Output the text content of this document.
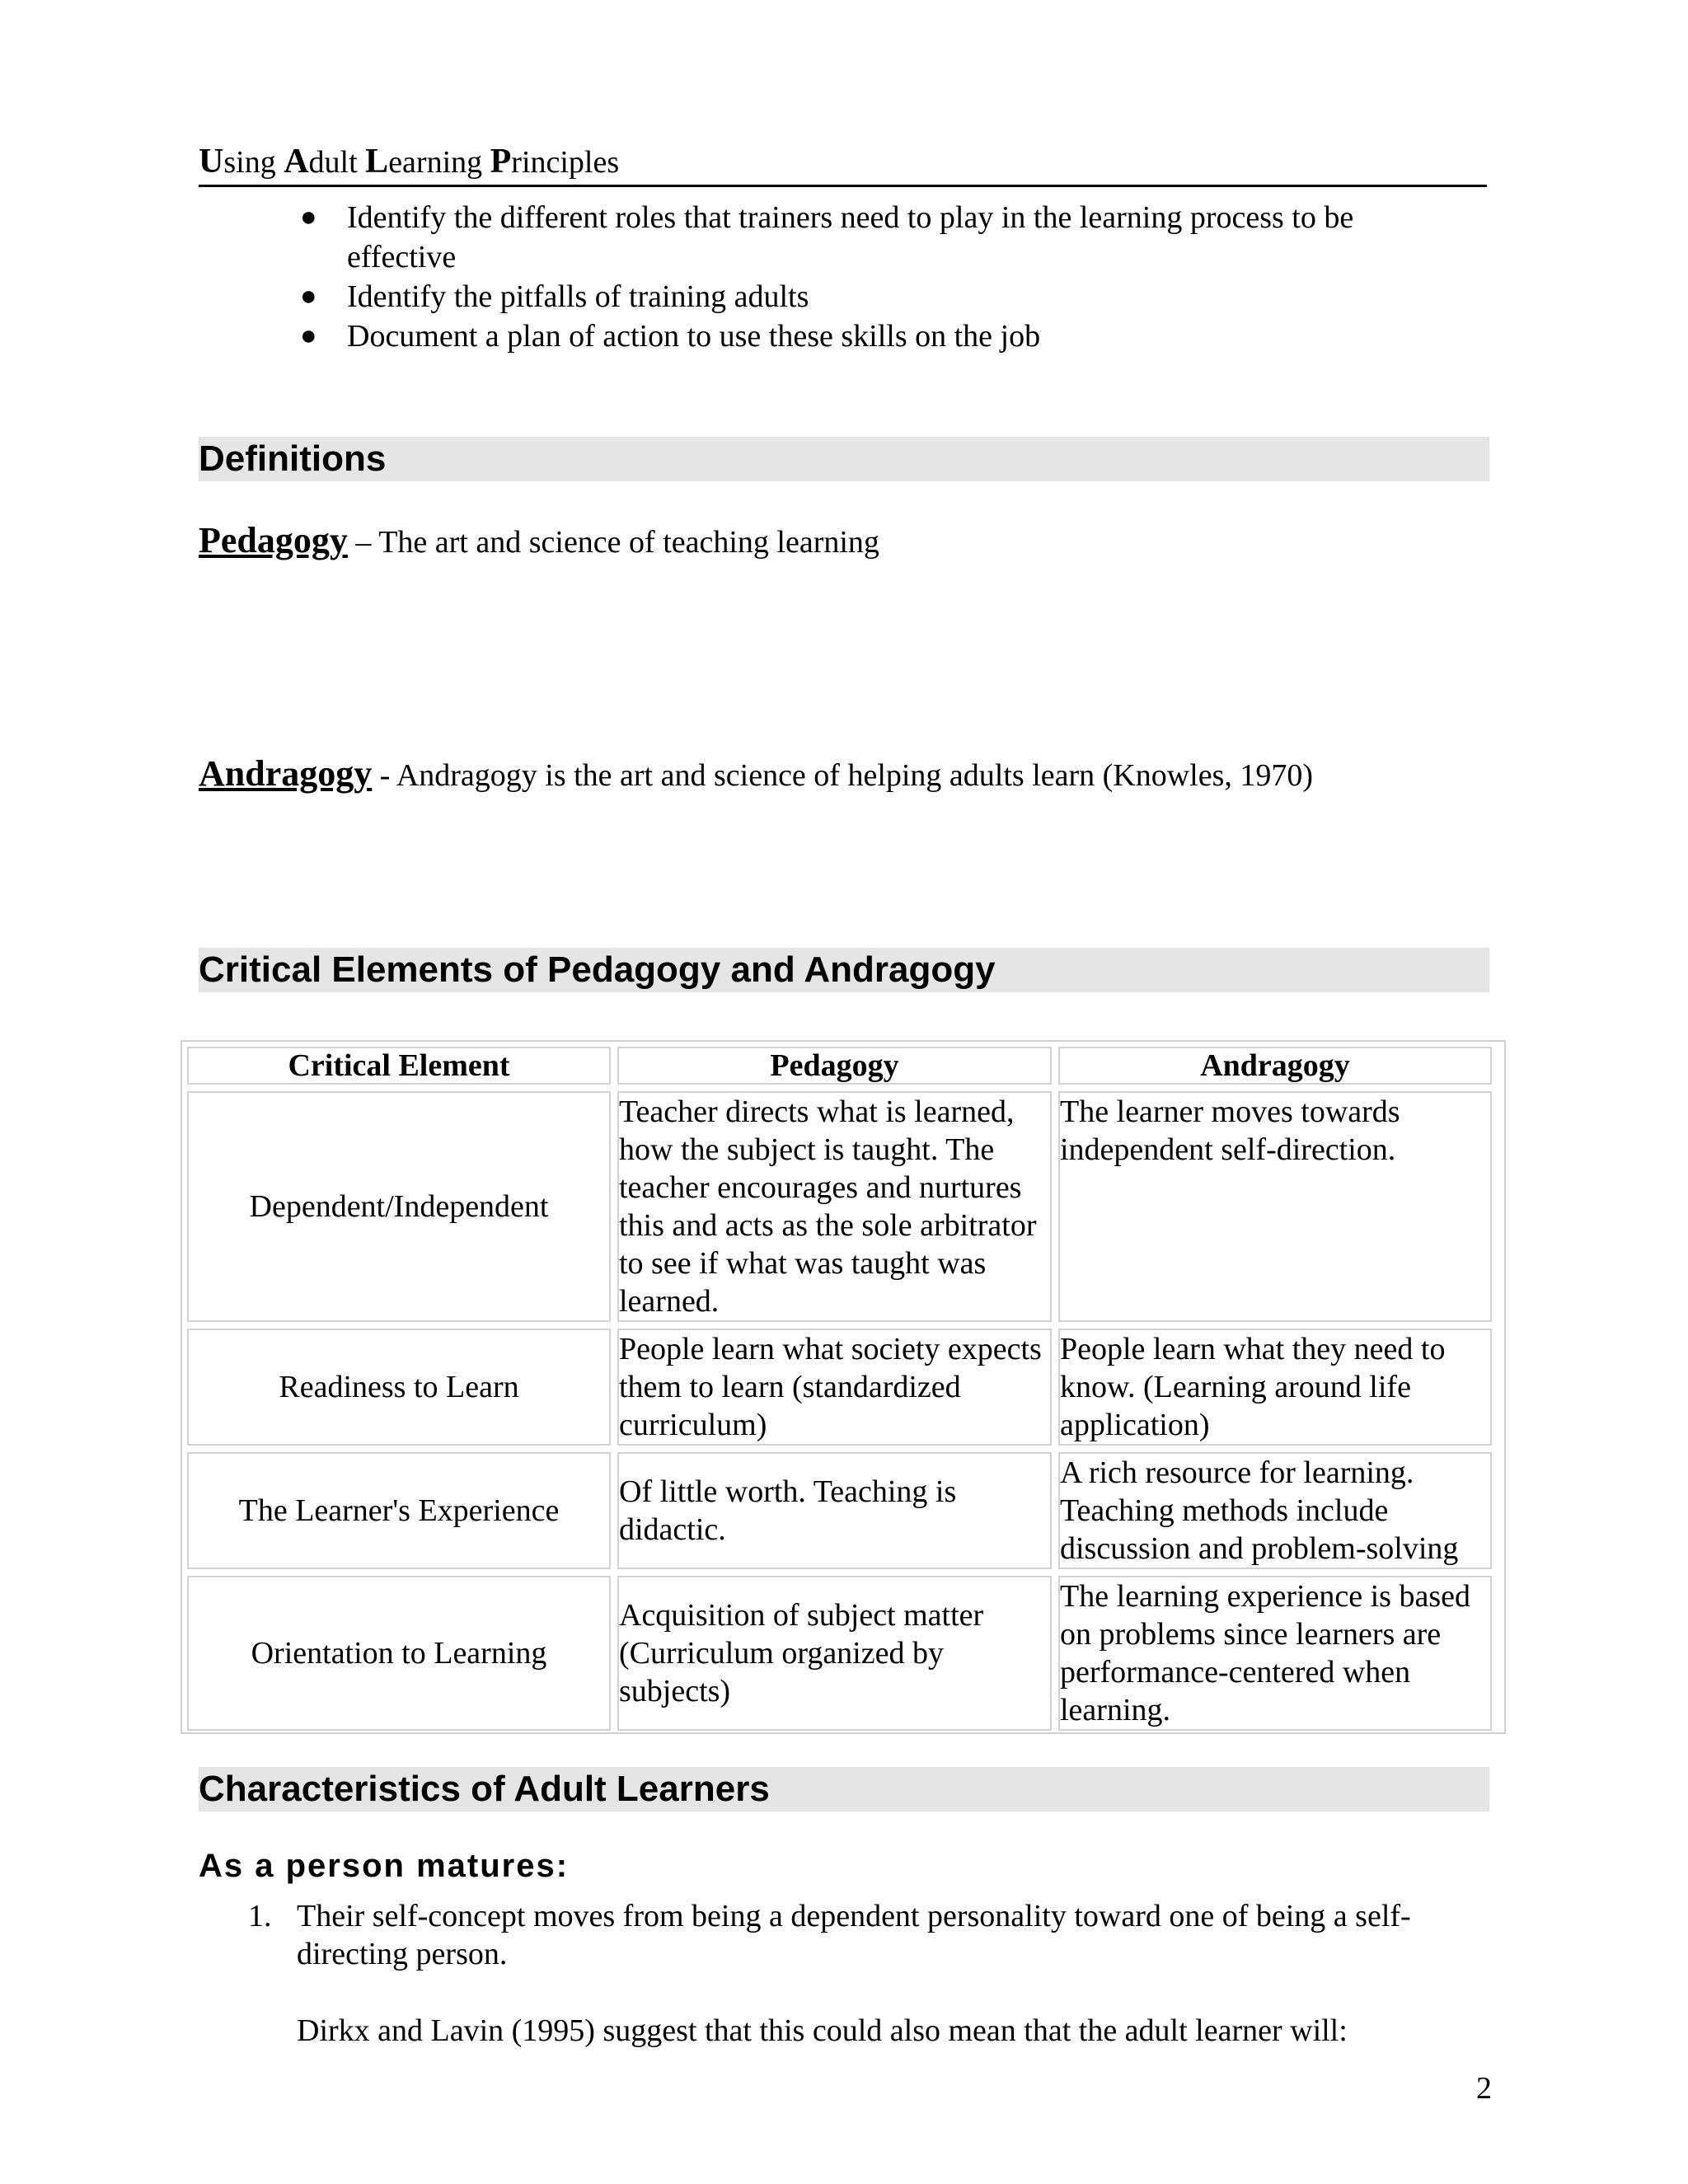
Using Adult Learning Principles
● Identify the different roles that trainers need to play in the learning process to be effective
● Identify the pitfalls of training adults
● Document a plan of action to use these skills on the job
Definitions
Pedagogy – The art and science of teaching learning
Andragogy - Andragogy is the art and science of helping adults learn (Knowles, 1970)
Critical Elements of Pedagogy and Andragogy
Critical Element	Pedagogy	Andragogy
Dependent/Independent	Teacher directs what is learned, how the subject is taught. The teacher encourages and nurtures this and acts as the sole arbitrator to see if what was taught was learned.	The learner moves towards independent self-direction.
Readiness to Learn	People learn what society expects them to learn (standardized curriculum)	People learn what they need to know. (Learning around life application)
The Learner's Experience	Of little worth. Teaching is didactic.	A rich resource for learning. Teaching methods include discussion and problem-solving
Orientation to Learning	Acquisition of subject matter (Curriculum organized by subjects)	The learning experience is based on problems since learners are performance-centered when learning.
Characteristics of Adult Learners
As a person matures:
1. Their self-concept moves from being a dependent personality toward one of being a self-directing person.
Dirkx and Lavin (1995) suggest that this could also mean that the adult learner will:
2
